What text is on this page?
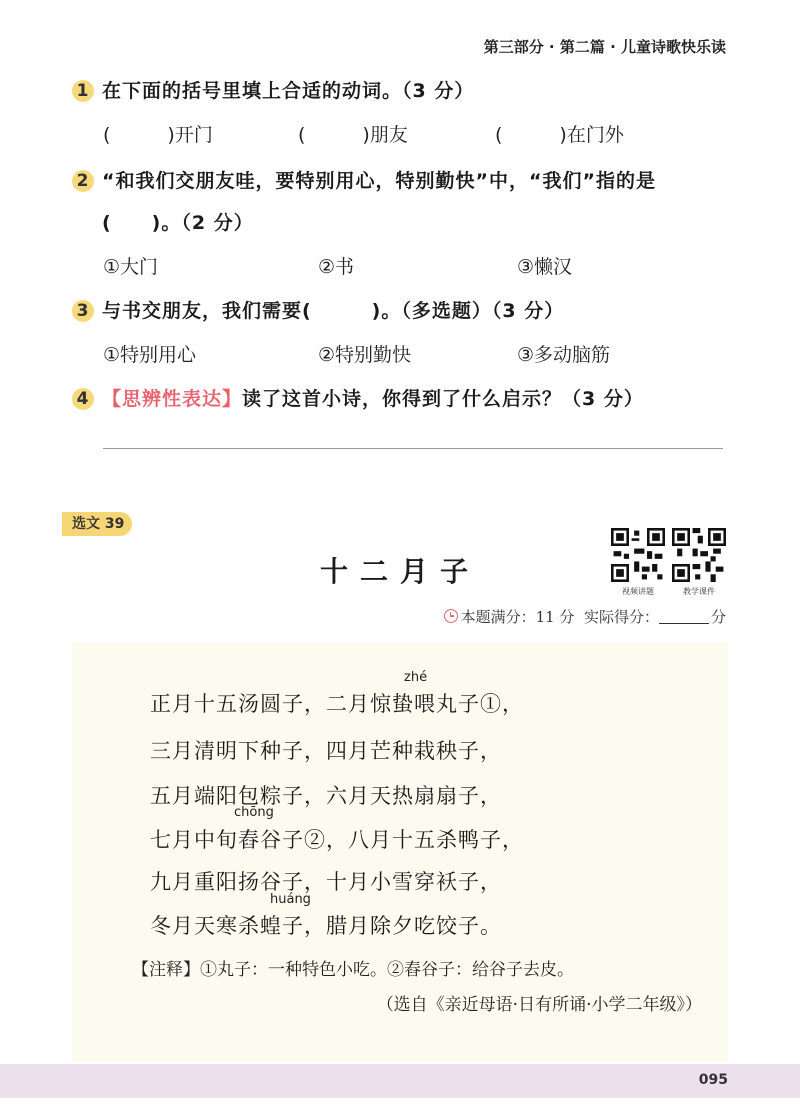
第三部分 · 第二篇 · 儿童诗歌快乐读
1 在下面的括号里填上合适的动词。（3 分）
(　　　)开门	(　　　)朋友	(　　　)在门外
2 “和我们交朋友哇，要特别用心，特别勤快”中，“我们”指的是
(　　)。（2 分）
①大门	②书	③懒汉
3 与书交朋友，我们需要(　　　)。（多选题）（3 分）
①特别用心	②特别勤快	③多动脑筋
4 【思辨性表达】读了这首小诗，你得到了什么启示？（3 分）
选文 39
十二月子
视频讲题	教学课件
本题满分：11 分 实际得分：	分
zhé
正月十五汤圆子，二月惊蛰喂丸子①，
三月清明下种子，四月芒种栽秧子，
五月端阳包粽子，六月天热扇扇子，
chōng
七月中旬舂谷子②，八月十五杀鸭子，
九月重阳扬谷子，十月小雪穿袄子，
huáng
冬月天寒杀蝗子，腊月除夕吃饺子。
【注释】①丸子：一种特色小吃。②舂谷子：给谷子去皮。
（选自《亲近母语·日有所诵·小学二年级》）
095
